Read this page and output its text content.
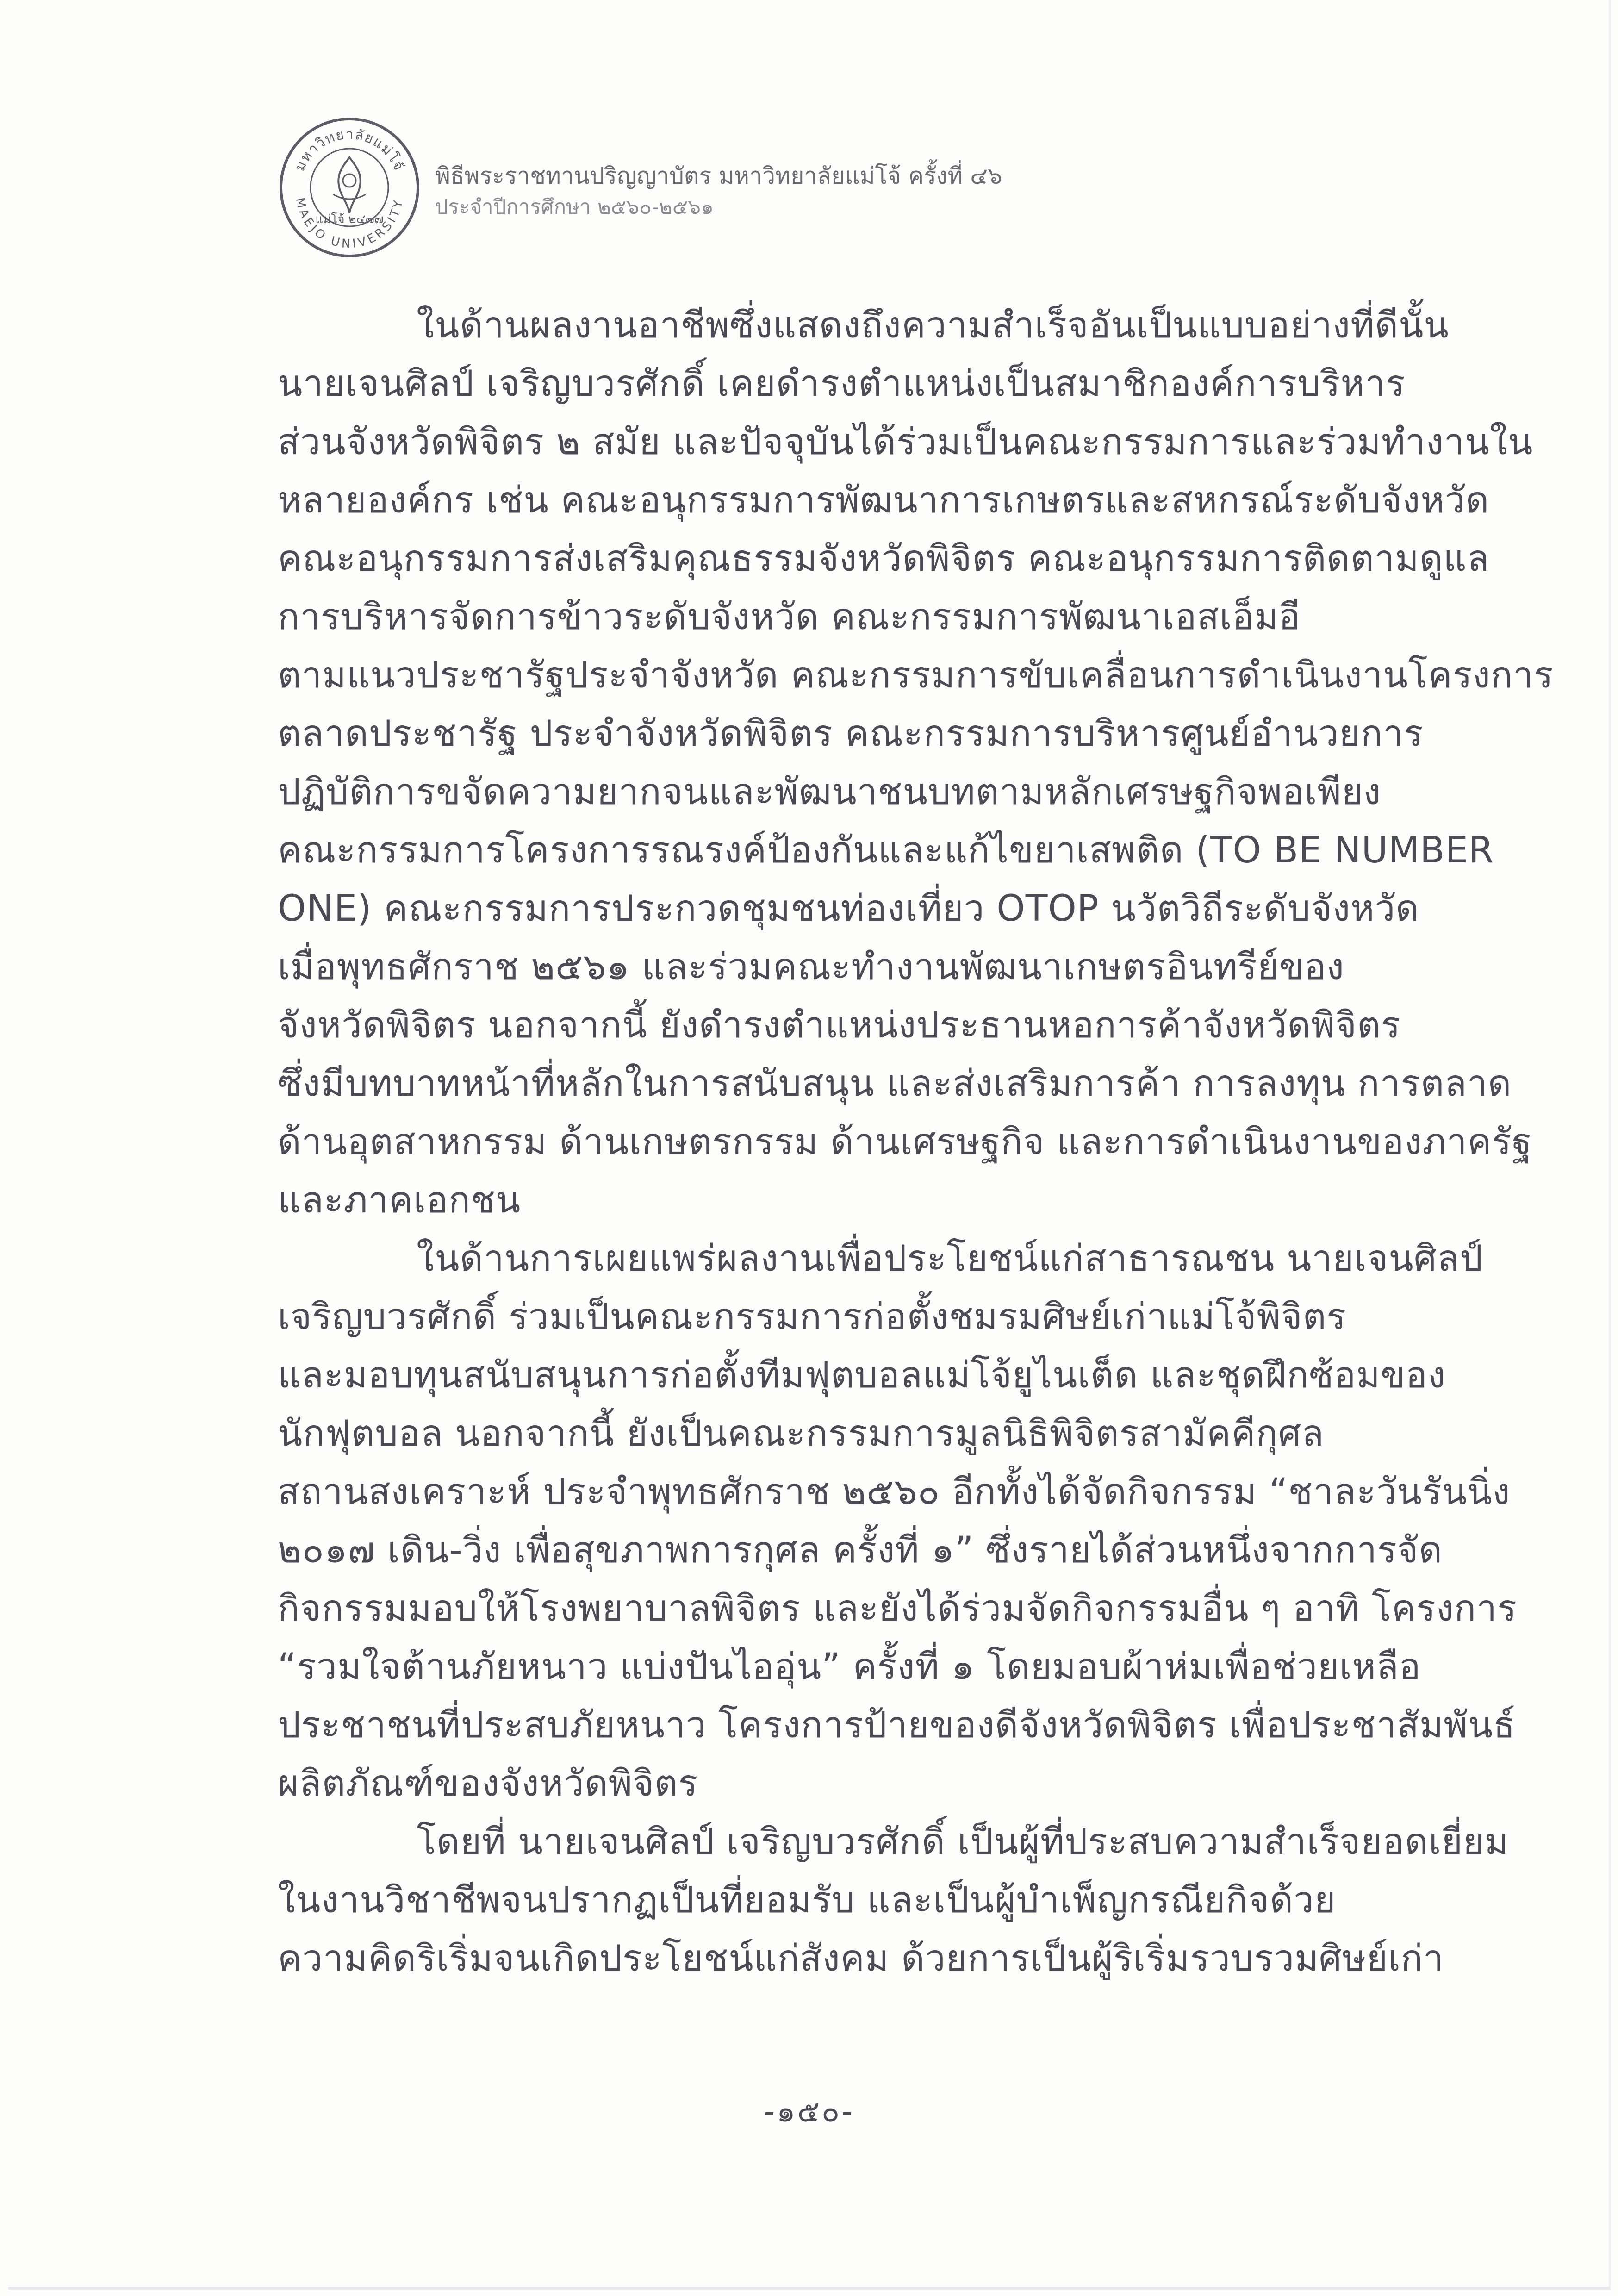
มหาวิทยาลัยแม่โจ้
MAEJO UNIVERSITY
แม่โจ้ ๒๔๗๗
พิธีพระราชทานปริญญาบัตร มหาวิทยาลัยแม่โจ้ ครั้งที่ ๔๖
ประจำปีการศึกษา ๒๕๖๐-๒๕๖๑
ในด้านผลงานอาชีพซึ่งแสดงถึงความสำเร็จอันเป็นแบบอย่างที่ดีนั้น
นายเจนศิลป์ เจริญบวรศักดิ์ เคยดำรงตำแหน่งเป็นสมาชิกองค์การบริหาร
ส่วนจังหวัดพิจิตร ๒ สมัย และปัจจุบันได้ร่วมเป็นคณะกรรมการและร่วมทำงานใน
หลายองค์กร เช่น คณะอนุกรรมการพัฒนาการเกษตรและสหกรณ์ระดับจังหวัด
คณะอนุกรรมการส่งเสริมคุณธรรมจังหวัดพิจิตร คณะอนุกรรมการติดตามดูแล
การบริหารจัดการข้าวระดับจังหวัด คณะกรรมการพัฒนาเอสเอ็มอี
ตามแนวประชารัฐประจำจังหวัด คณะกรรมการขับเคลื่อนการดำเนินงานโครงการ
ตลาดประชารัฐ ประจำจังหวัดพิจิตร คณะกรรมการบริหารศูนย์อำนวยการ
ปฏิบัติการขจัดความยากจนและพัฒนาชนบทตามหลักเศรษฐกิจพอเพียง
คณะกรรมการโครงการรณรงค์ป้องกันและแก้ไขยาเสพติด (TO BE NUMBER
ONE) คณะกรรมการประกวดชุมชนท่องเที่ยว OTOP นวัตวิถีระดับจังหวัด
เมื่อพุทธศักราช ๒๕๖๑ และร่วมคณะทำงานพัฒนาเกษตรอินทรีย์ของ
จังหวัดพิจิตร นอกจากนี้ ยังดำรงตำแหน่งประธานหอการค้าจังหวัดพิจิตร
ซึ่งมีบทบาทหน้าที่หลักในการสนับสนุน และส่งเสริมการค้า การลงทุน การตลาด
ด้านอุตสาหกรรม ด้านเกษตรกรรม ด้านเศรษฐกิจ และการดำเนินงานของภาครัฐ
และภาคเอกชน
ในด้านการเผยแพร่ผลงานเพื่อประโยชน์แก่สาธารณชน นายเจนศิลป์
เจริญบวรศักดิ์ ร่วมเป็นคณะกรรมการก่อตั้งชมรมศิษย์เก่าแม่โจ้พิจิตร
และมอบทุนสนับสนุนการก่อตั้งทีมฟุตบอลแม่โจ้ยูไนเต็ด และชุดฝึกซ้อมของ
นักฟุตบอล นอกจากนี้ ยังเป็นคณะกรรมการมูลนิธิพิจิตรสามัคคีกุศล
สถานสงเคราะห์ ประจำพุทธศักราช ๒๕๖๐ อีกทั้งได้จัดกิจกรรม “ชาละวันรันนิ่ง
๒๐๑๗ เดิน-วิ่ง เพื่อสุขภาพการกุศล ครั้งที่ ๑” ซึ่งรายได้ส่วนหนึ่งจากการจัด
กิจกรรมมอบให้โรงพยาบาลพิจิตร และยังได้ร่วมจัดกิจกรรมอื่น ๆ อาทิ โครงการ
“รวมใจต้านภัยหนาว แบ่งปันไออุ่น” ครั้งที่ ๑ โดยมอบผ้าห่มเพื่อช่วยเหลือ
ประชาชนที่ประสบภัยหนาว โครงการป้ายของดีจังหวัดพิจิตร เพื่อประชาสัมพันธ์
ผลิตภัณฑ์ของจังหวัดพิจิตร
โดยที่ นายเจนศิลป์ เจริญบวรศักดิ์ เป็นผู้ที่ประสบความสำเร็จยอดเยี่ยม
ในงานวิชาชีพจนปรากฏเป็นที่ยอมรับ และเป็นผู้บำเพ็ญกรณียกิจด้วย
ความคิดริเริ่มจนเกิดประโยชน์แก่สังคม ด้วยการเป็นผู้ริเริ่มรวบรวมศิษย์เก่า
-๑๕๐-
